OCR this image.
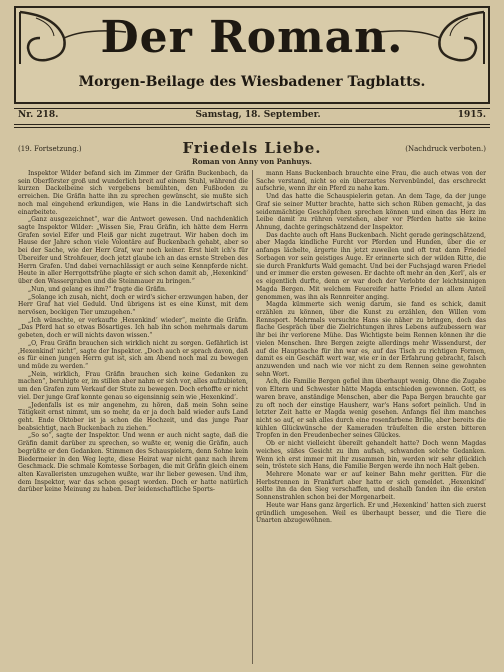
Der Roman.
Morgen-Beilage des Wiesbadener Tagblatts.
Nr. 218.	Samstag, 18. September.	1915.
(19. Fortsetzung.)	Friedels Liebe.	(Nachdruck verboten.)
Roman von Anny von Panhuys.

Inspektor Wilder befand sich im Zimmer der Gräfin Buckenbach, da sein Oberförster groß und wunderlich breit auf einem Stuhl, während die kurzen Dackelbeine sich vergebens bemühten, den Fußboden zu erreichen. Die Gräfin hatte ihn zu sprechen gewünscht, sie mußte sich noch mal eingehend erkundigen, wie Hans in die Landwirtschaft sich einarbeitete.

„Ganz ausgezeichnet“, war die Antwort gewesen. Und nachdenklich sagte Inspektor Wilder: „Wissen Sie, Frau Gräfin, ich hätte dem Herrn Grafen soviel Eifer und Fleiß gar nicht zugetraut. Wir haben doch im Hause der Jahre schon viele Volontäre auf Buckenbach gehabt, aber so bei der Sache, wie der Herr Graf, war noch keiner. Erst hielt ich's für Übereifer und Strohfeuer, doch jetzt glaube ich an das ernste Streben des Herrn Grafen. Und dabei vernachlässigt er auch seine Kennpferde nicht. Heute in aller Herrgottsfrühe plagte er sich schon damit ab, ‚Hexenkind‘ über den Wassergraben und die Steinmauer zu bringen.“

„Nun, und gelang es ihm?“ fragte die Gräfin.

„Solange ich zusah, nicht, doch er wird's sicher erzwungen haben, der Herr Graf hat viel Geduld. Und übrigens ist es eine Kunst, mit dem nervösen, bockigen Tier umzugehen.“

„Ich wünschte, er verkaufte ‚Hexenkind‘ wieder“, meinte die Gräfin. „Das Pferd hat so etwas Bösartiges. Ich hab ihn schon mehrmals darum gebeten, doch er will nichts davon wissen.“

„O, Frau Gräfin brauchen sich wirklich nicht zu sorgen. Gefährlich ist ‚Hexenkind‘ nicht“, sagte der Inspektor. „Doch auch er sprach davon, daß es für einen jungen Herrn gut ist, sich am Abend noch mal zu bewegen und müde zu werden.“

„Nein, wirklich, Frau Gräfin brauchen sich keine Gedanken zu machen“, beruhigte er, im stillen aber nahm er sich vor, alles aufzubieten, um den Grafen zum Verkauf der Stute zu bewegen. Doch erhoffte er nicht viel. Der junge Graf konnte genau so eigensinnig sein wie ‚Hexenkind‘.

„Jedenfalls ist es mir angenehm, zu hören, daß mein Sohn seine Tätigkeit ernst nimmt, um so mehr, da er ja doch bald wieder aufs Land geht. Ende Oktober ist ja schon die Hochzeit, und das junge Paar beabsichtigt, nach Buckenbach zu ziehen.“

„So so“, sagte der Inspektor. Und wenn er auch nicht sagte, daß die Gräfin damit darüber zu sprechen, so wußte er, wenig die Gräfin, auch begrüßte er den Gedanken. Stimmen des Schauspielern, denn Sohne kein Biedermeier in den Weg legte, diese Heirat war nicht ganz nach ihrem Geschmack. Die schmale Komtesse Sorbagen, die mit Gräfin gleich einem alten Kavalleristen umzugehen wußte, war ihr lieber gewesen. Und ihm, dem Inspektor, war das schon gesagt worden. Doch er hatte natürlich darüber keine Meinung zu haben. Der leidenschaftliche Sports-

mann Hans Buckenbach brauchte eine Frau, die auch etwas von der Sache verstand, nicht so ein überzartes Nervenbündel, das erschreckt aufschrie, wenn ihr ein Pferd zu nahe kam.

Und das hatte die Schauspielerin getan. An dem Tage, da der junge Graf sie seiner Mutter brachte, hatte sich schon Rüben gemacht, ja das seidenmächtige Geschöpfchen sprechen können und einen das Herz im Leibe damit zu rühren verstehen, aber vor Pferden hatte sie keine Ahnung, dachte geringschätzend der Inspektor.

Das dachte auch oft Hans Buckenbach. Nicht gerade geringschätzend, aber Magda kindliche Furcht vor Pferden und Hunden, über die er anfangs lächelte, ärgerte ihn jetzt zuweilen und oft trat dann Friedel Sorbagen vor sein geistiges Auge. Er erinnerte sich der wilden Ritte, die sie durch Frankfurts Wald gemacht. Und bei der Fuchsjagd waren Friedel und er immer die ersten gewesen. Er dachte oft mehr an den ‚Kerl‘, als er es eigentlich durfte, denn er war doch der Verlobte der leichtsinnigen Magda Bergen. Mit welchem Feuereifer hatte Friedel an allem Anteil genommen, was ihn als Rennreiter anging.

Magda kümmerte sich wenig darum, sie fand es schick, damit erzählen zu können, über die Kunst zu erzählen, den Willen vom Rennsport. Mehrmals versuchte Hans sie näher zu bringen, doch das flache Gespräch über die Zielrichtungen ihres Lebens aufzubessern war ihr bei ihr verlorene Mühe. Das Wichtigste beim Rennen können ihr die vielen Menschen. Ihre Bergen zeigte allerdings mehr Wissendurst, der auf die Hauptsache für ihn war es, auf das Tisch zu richtigen Formen, damit es ein Geschäft wert war, wie er in der Erfahrung gebracht, falsch anzuwenden und nach wie vor nicht zu dem Rennen seine gewohnten sehn Wort.

Ach, die Familie Bergen gefiel ihm überhaupt wenig. Ohne die Zugabe von Eltern und Schwester hätte Magda entschieden gewonnen. Gott, es waren brave, anständige Menschen, aber die Papa Bergen brauchte gar zu oft noch der einstige Hausherr, war's Hans sofort peinlich. Und in letzter Zeit hatte er Magda wenig gesehen. Anfangs fiel ihm manches nicht so auf, er sah alles durch eine rosenfarbene Brille, aber bereits die kühlen Glückwünsche der Kameraden träufelten die ersten bitteren Tropfen in den Freudenbecher seines Glückes.

Ob er nicht vielleicht übereilt gehandelt hatte? Doch wenn Magdas weiches, süßes Gesicht zu ihm aufsah, schwanden solche Gedanken. Wenn ich erst immer mit ihr zusammen bin, werden wir sehr glücklich sein, tröstete sich Hans, die Familie Bergen werde ihn noch Halt geben.

Mehrere Monate war er auf keiner Bahn mehr geritten. Für die Herbstrennen in Frankfurt aber hatte er sich gemeldet. ‚Hexenkind‘ sollte ihn da den Sieg verschaffen, und deshalb fanden ihn die ersten Sonnenstrahlen schon bei der Morgenarbeit.

Heute war Hans ganz ärgerlich. Er und ‚Hexenkind‘ hatten sich zuerst gründlich umgesehen. Weil es überhaupt besser, und die Tiere die Unarten abzugewöhnen.
